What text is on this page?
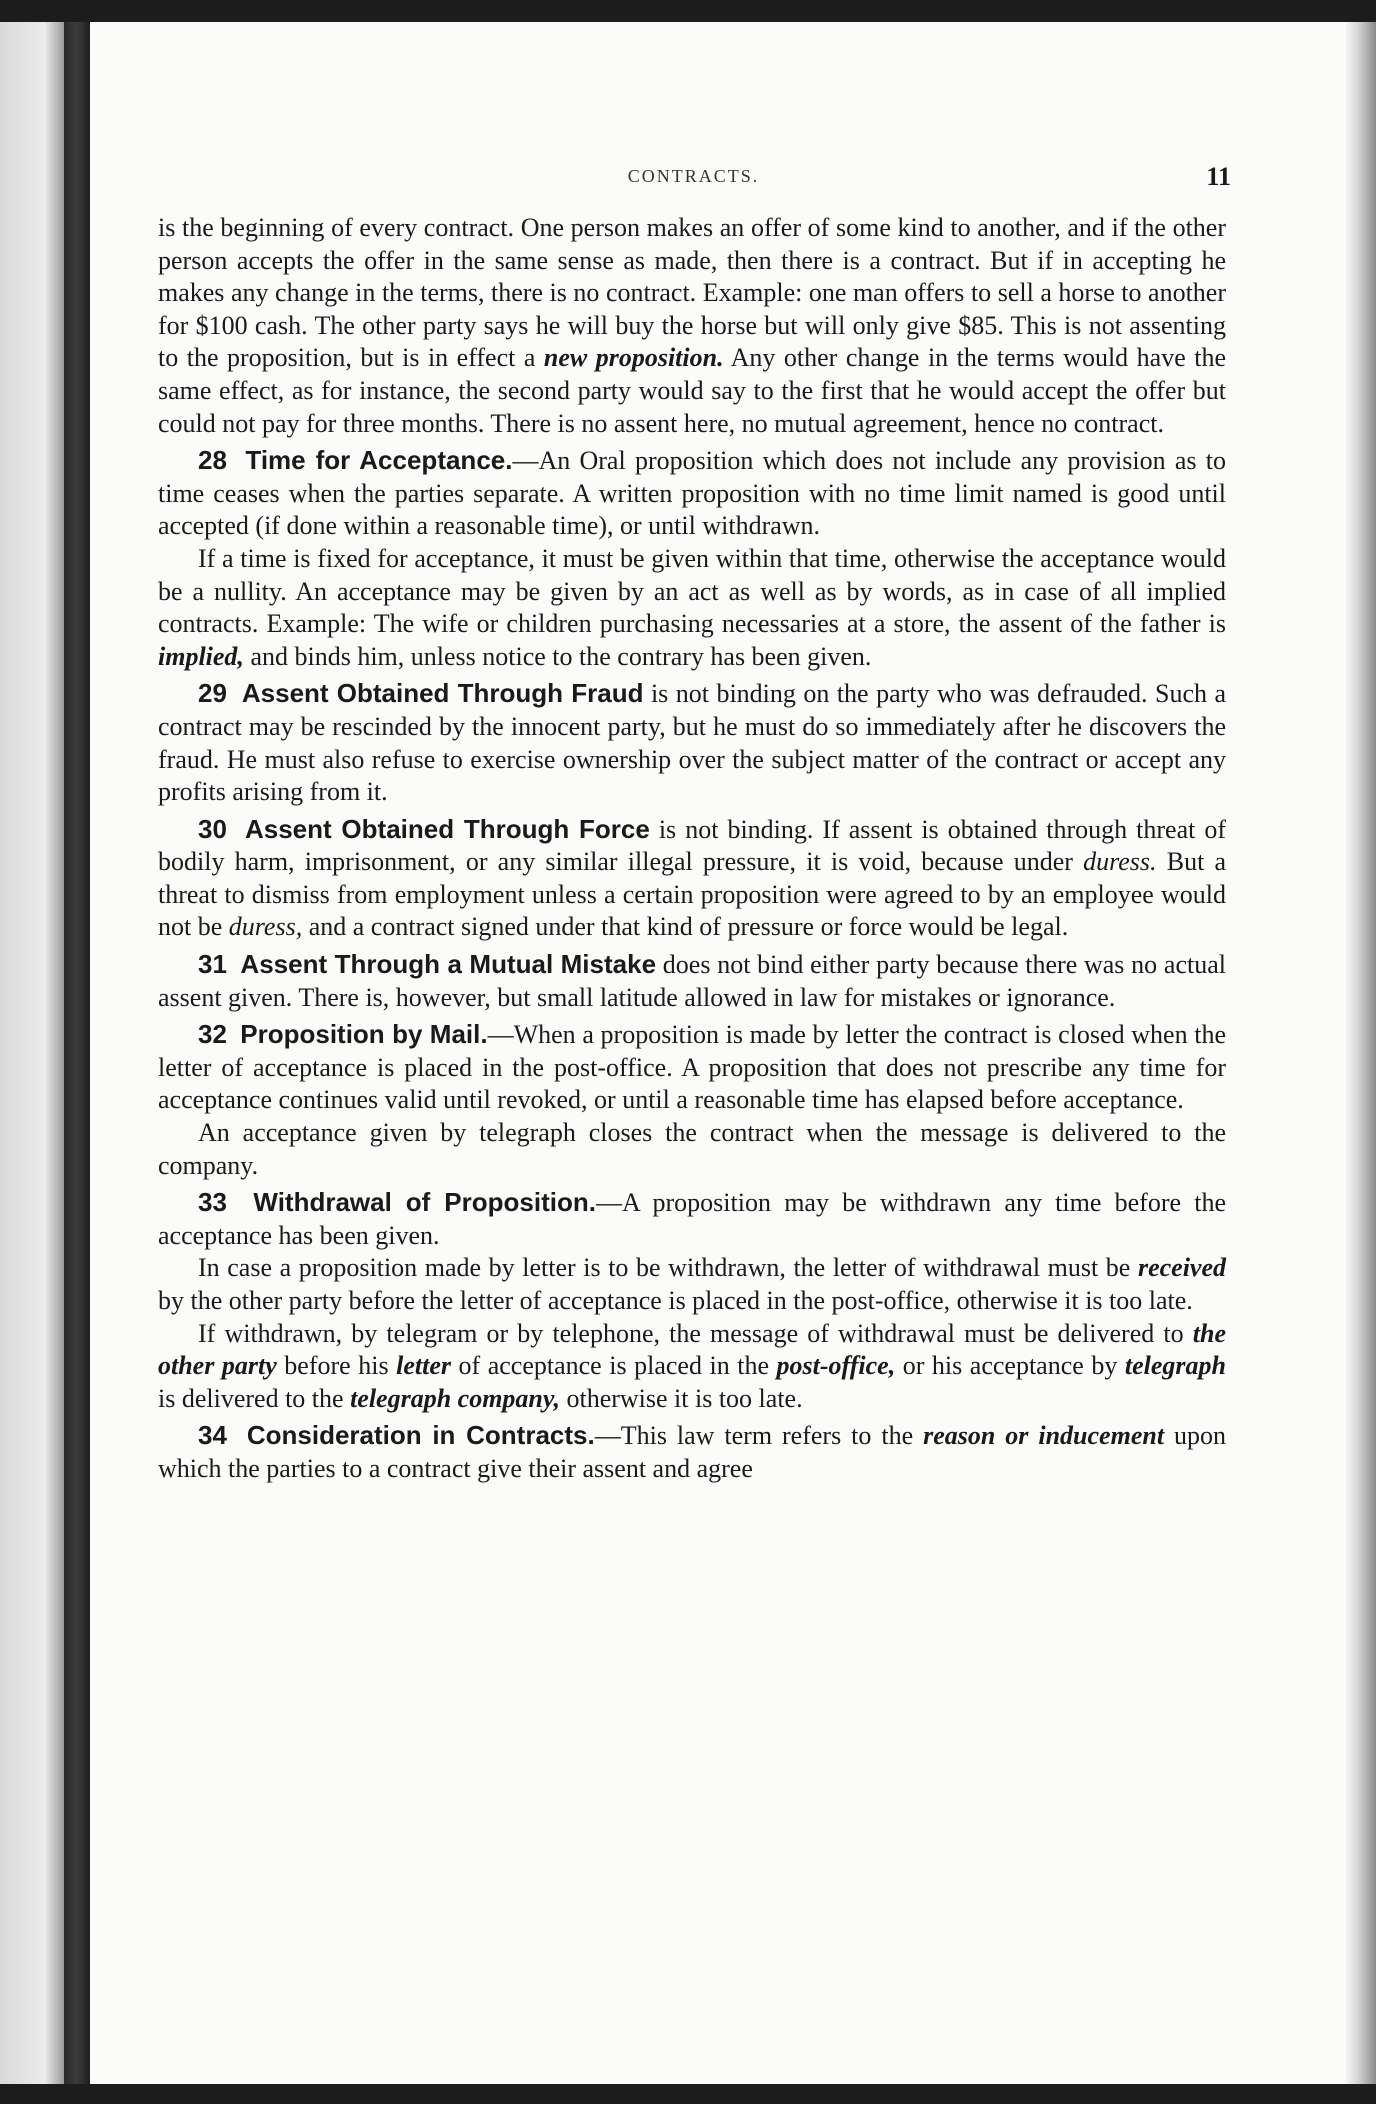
CONTRACTS.	11

is the beginning of every contract. One person makes an offer of some kind to another, and if the other person accepts the offer in the same sense as made, then there is a contract. But if in accepting he makes any change in the terms, there is no contract. Example: one man offers to sell a horse to another for $100 cash. The other party says he will buy the horse but will only give $85. This is not assenting to the proposition, but is in effect a new proposition. Any other change in the terms would have the same effect, as for instance, the second party would say to the first that he would accept the offer but could not pay for three months. There is no assent here, no mutual agreement, hence no contract.

28 Time for Acceptance.—An Oral proposition which does not include any provision as to time ceases when the parties separate. A written proposition with no time limit named is good until accepted (if done within a reasonable time), or until withdrawn.

If a time is fixed for acceptance, it must be given within that time, otherwise the acceptance would be a nullity. An acceptance may be given by an act as well as by words, as in case of all implied contracts. Example: The wife or children purchasing necessaries at a store, the assent of the father is implied, and binds him, unless notice to the contrary has been given.

29 Assent Obtained Through Fraud is not binding on the party who was defrauded. Such a contract may be rescinded by the innocent party, but he must do so immediately after he discovers the fraud. He must also refuse to exercise ownership over the subject matter of the contract or accept any profits arising from it.

30 Assent Obtained Through Force is not binding. If assent is obtained through threat of bodily harm, imprisonment, or any similar illegal pressure, it is void, because under duress. But a threat to dismiss from employment unless a certain proposition were agreed to by an employee would not be duress, and a contract signed under that kind of pressure or force would be legal.

31 Assent Through a Mutual Mistake does not bind either party because there was no actual assent given. There is, however, but small latitude allowed in law for mistakes or ignorance.

32 Proposition by Mail.—When a proposition is made by letter the contract is closed when the letter of acceptance is placed in the post-office. A proposition that does not prescribe any time for acceptance continues valid until revoked, or until a reasonable time has elapsed before acceptance.

An acceptance given by telegraph closes the contract when the message is delivered to the company.

33 Withdrawal of Proposition.—A proposition may be withdrawn any time before the acceptance has been given.

In case a proposition made by letter is to be withdrawn, the letter of withdrawal must be received by the other party before the letter of acceptance is placed in the post-office, otherwise it is too late.

If withdrawn, by telegram or by telephone, the message of withdrawal must be delivered to the other party before his letter of acceptance is placed in the post-office, or his acceptance by telegraph is delivered to the telegraph company, otherwise it is too late.

34 Consideration in Contracts.—This law term refers to the reason or inducement upon which the parties to a contract give their assent and agree
